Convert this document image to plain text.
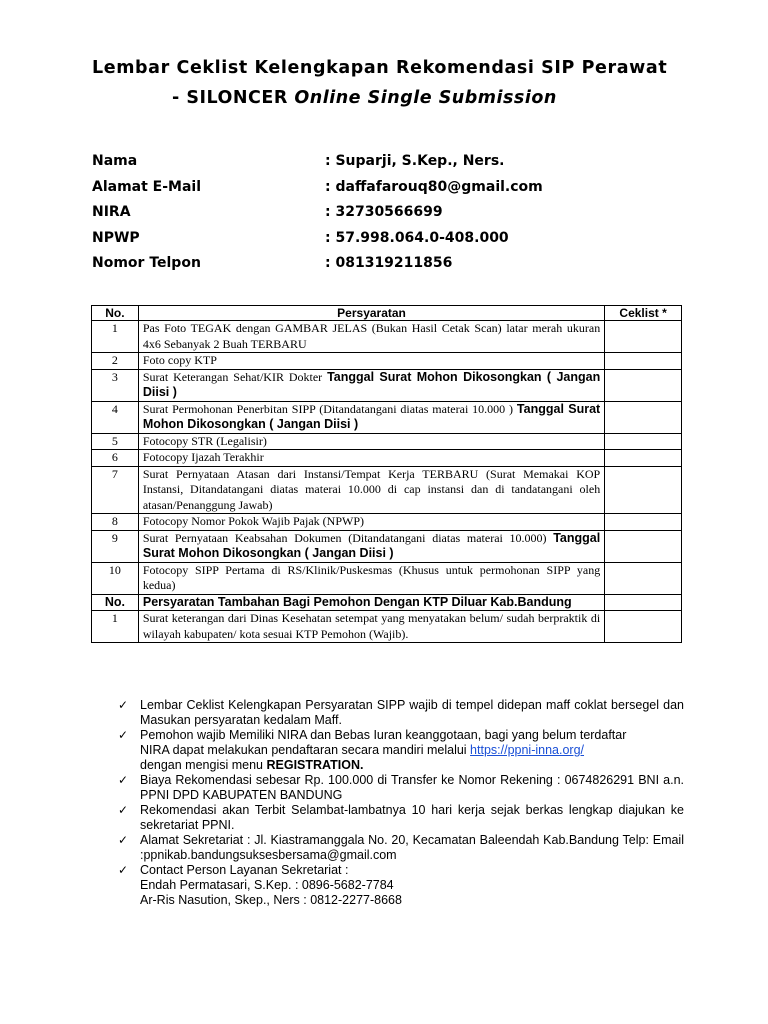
Lembar Ceklist Kelengkapan Rekomendasi SIP Perawat
- SILONCER Online Single Submission
Nama	: Suparji, S.Kep., Ners.
Alamat E-Mail	: daffafarouq80@gmail.com
NIRA	: 32730566699
NPWP	: 57.998.064.0-408.000
Nomor Telpon	: 081319211856
No.	Persyaratan	Ceklist *
1	Pas Foto TEGAK dengan GAMBAR JELAS (Bukan Hasil Cetak Scan) latar merah ukuran 4x6 Sebanyak 2 Buah TERBARU	
2	Foto copy KTP	
3	Surat Keterangan Sehat/KIR Dokter Tanggal Surat Mohon Dikosongkan ( Jangan Diisi )	
4	Surat Permohonan Penerbitan SIPP (Ditandatangani diatas materai 10.000 ) Tanggal Surat Mohon Dikosongkan ( Jangan Diisi )	
5	Fotocopy STR (Legalisir)	
6	Fotocopy Ijazah Terakhir	
7	Surat Pernyataan Atasan dari Instansi/Tempat Kerja TERBARU (Surat Memakai KOP Instansi, Ditandatangani diatas materai 10.000 di cap instansi dan di tandatangani oleh atasan/Penanggung Jawab)	
8	Fotocopy Nomor Pokok Wajib Pajak (NPWP)	
9	Surat Pernyataan Keabsahan Dokumen (Ditandatangani diatas materai 10.000) Tanggal Surat Mohon Dikosongkan ( Jangan Diisi )	
10	Fotocopy SIPP Pertama di RS/Klinik/Puskesmas (Khusus untuk permohonan SIPP yang kedua)	
No.	Persyaratan Tambahan Bagi Pemohon Dengan KTP Diluar Kab.Bandung	
1	Surat keterangan dari Dinas Kesehatan setempat yang menyatakan belum/ sudah berpraktik di wilayah kabupaten/ kota sesuai KTP Pemohon (Wajib).	
✓ Lembar Ceklist Kelengkapan Persyaratan SIPP wajib di tempel didepan maff coklat bersegel dan Masukan persyaratan kedalam Maff.
✓ Pemohon wajib Memiliki NIRA dan Bebas Iuran keanggotaan, bagi yang belum terdaftar
NIRA dapat melakukan pendaftaran secara mandiri melalui https://ppni-inna.org/
dengan mengisi menu REGISTRATION.
✓ Biaya Rekomendasi sebesar Rp. 100.000 di Transfer ke Nomor Rekening : 0674826291 BNI a.n. PPNI DPD KABUPATEN BANDUNG
✓ Rekomendasi akan Terbit Selambat-lambatnya 10 hari kerja sejak berkas lengkap diajukan ke sekretariat PPNI.
✓ Alamat Sekretariat : Jl. Kiastramanggala No. 20, Kecamatan Baleendah Kab.Bandung Telp: Email :ppnikab.bandungsuksesbersama@gmail.com
✓ Contact Person Layanan Sekretariat :
Endah Permatasari, S.Kep. : 0896-5682-7784
Ar-Ris Nasution, Skep., Ners : 0812-2277-8668
